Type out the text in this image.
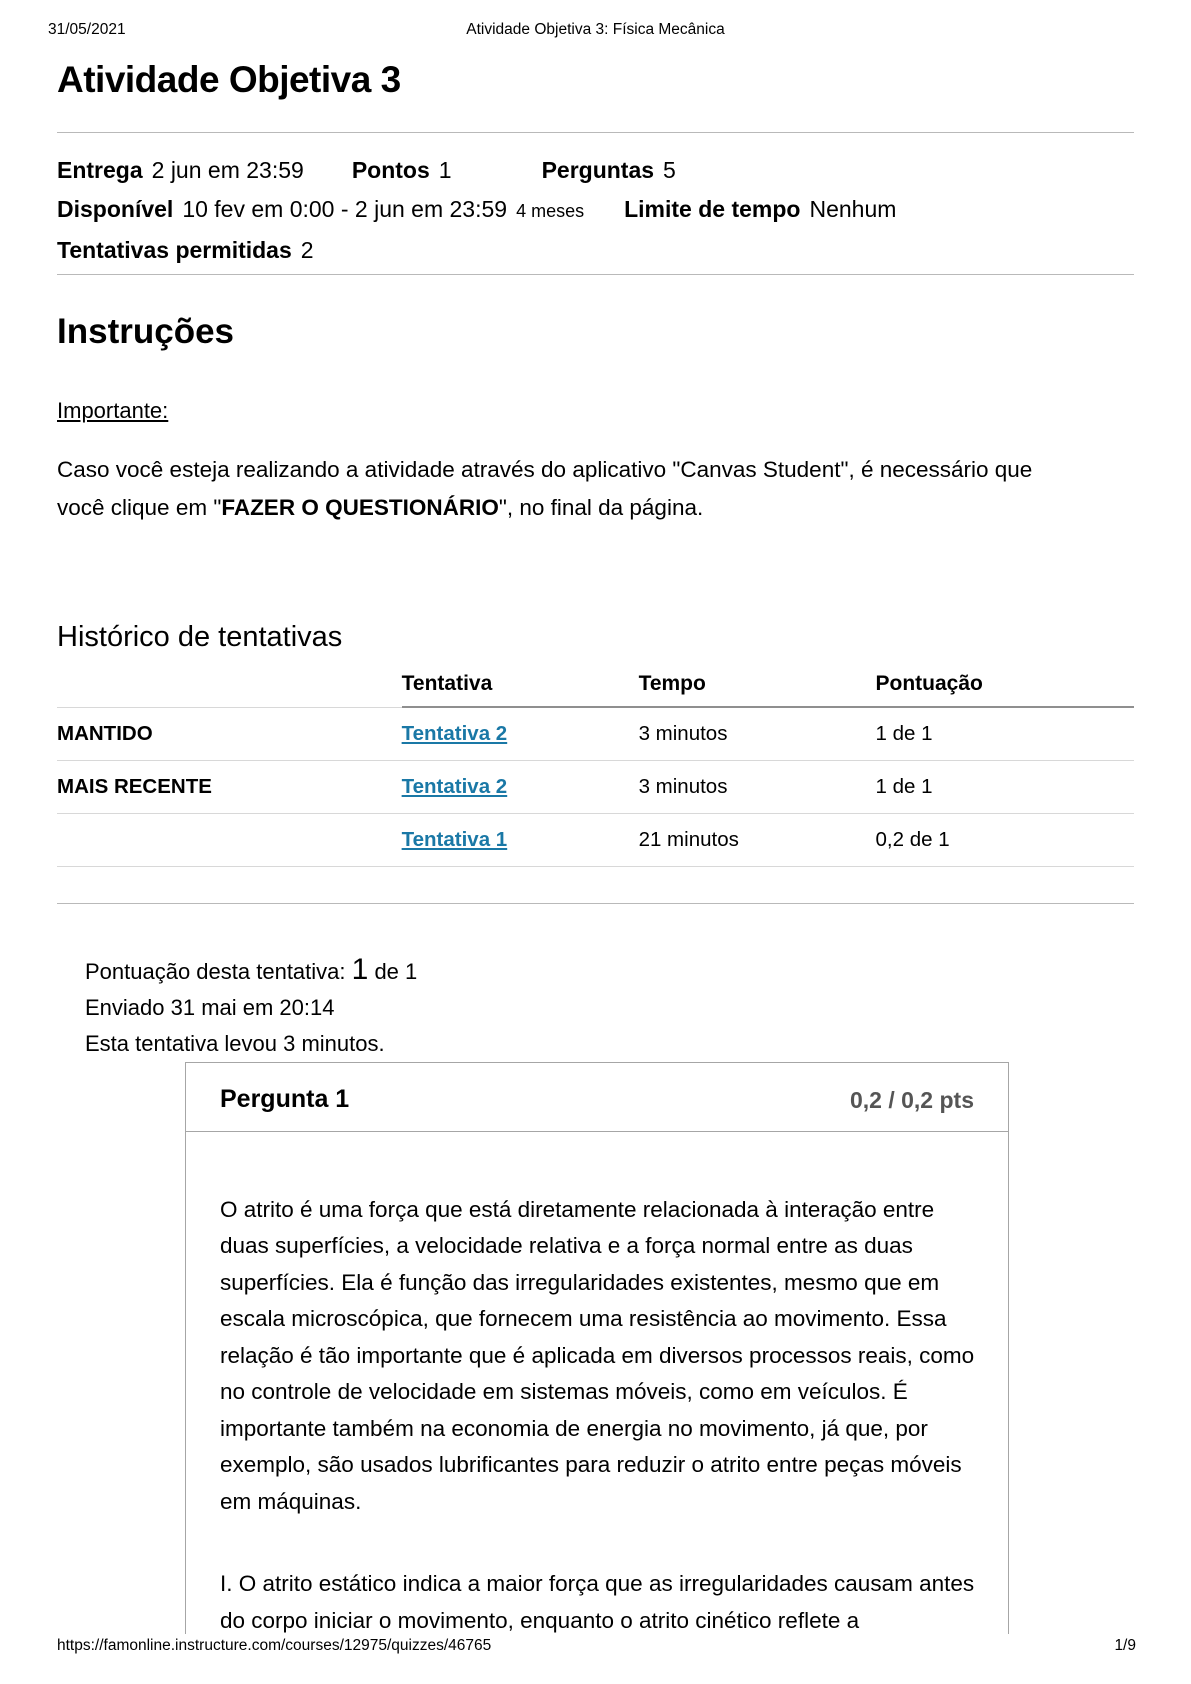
31/05/2021	Atividade Objetiva 3: Física Mecânica
Atividade Objetiva 3
Entrega 2 jun em 23:59 Pontos 1	Perguntas 5
Disponível 10 fev em 0:00 - 2 jun em 23:59 4 meses Limite de tempo Nenhum
Tentativas permitidas 2
Instruções
Importante:

Caso você esteja realizando a atividade através do aplicativo "Canvas Student", é necessário que você clique em "FAZER O QUESTIONÁRIO", no final da página.

Histórico de tentativas
	Tentativa	Tempo	Pontuação
MANTIDO	Tentativa 2	3 minutos	1 de 1
MAIS RECENTE	Tentativa 2	3 minutos	1 de 1
	Tentativa 1	21 minutos	0,2 de 1
Pontuação desta tentativa: 1 de 1
Enviado 31 mai em 20:14
Esta tentativa levou 3 minutos.
Pergunta 1	0,2 / 0,2 pts

O atrito é uma força que está diretamente relacionada à interação entre duas superfícies, a velocidade relativa e a força normal entre as duas superfícies. Ela é função das irregularidades existentes, mesmo que em escala microscópica, que fornecem uma resistência ao movimento. Essa relação é tão importante que é aplicada em diversos processos reais, como no controle de velocidade em sistemas móveis, como em veículos. É importante também na economia de energia no movimento, já que, por exemplo, são usados lubrificantes para reduzir o atrito entre peças móveis em máquinas.

I. O atrito estático indica a maior força que as irregularidades causam antes do corpo iniciar o movimento, enquanto o atrito cinético reflete a

https://famonline.instructure.com/courses/12975/quizzes/46765	1/9
